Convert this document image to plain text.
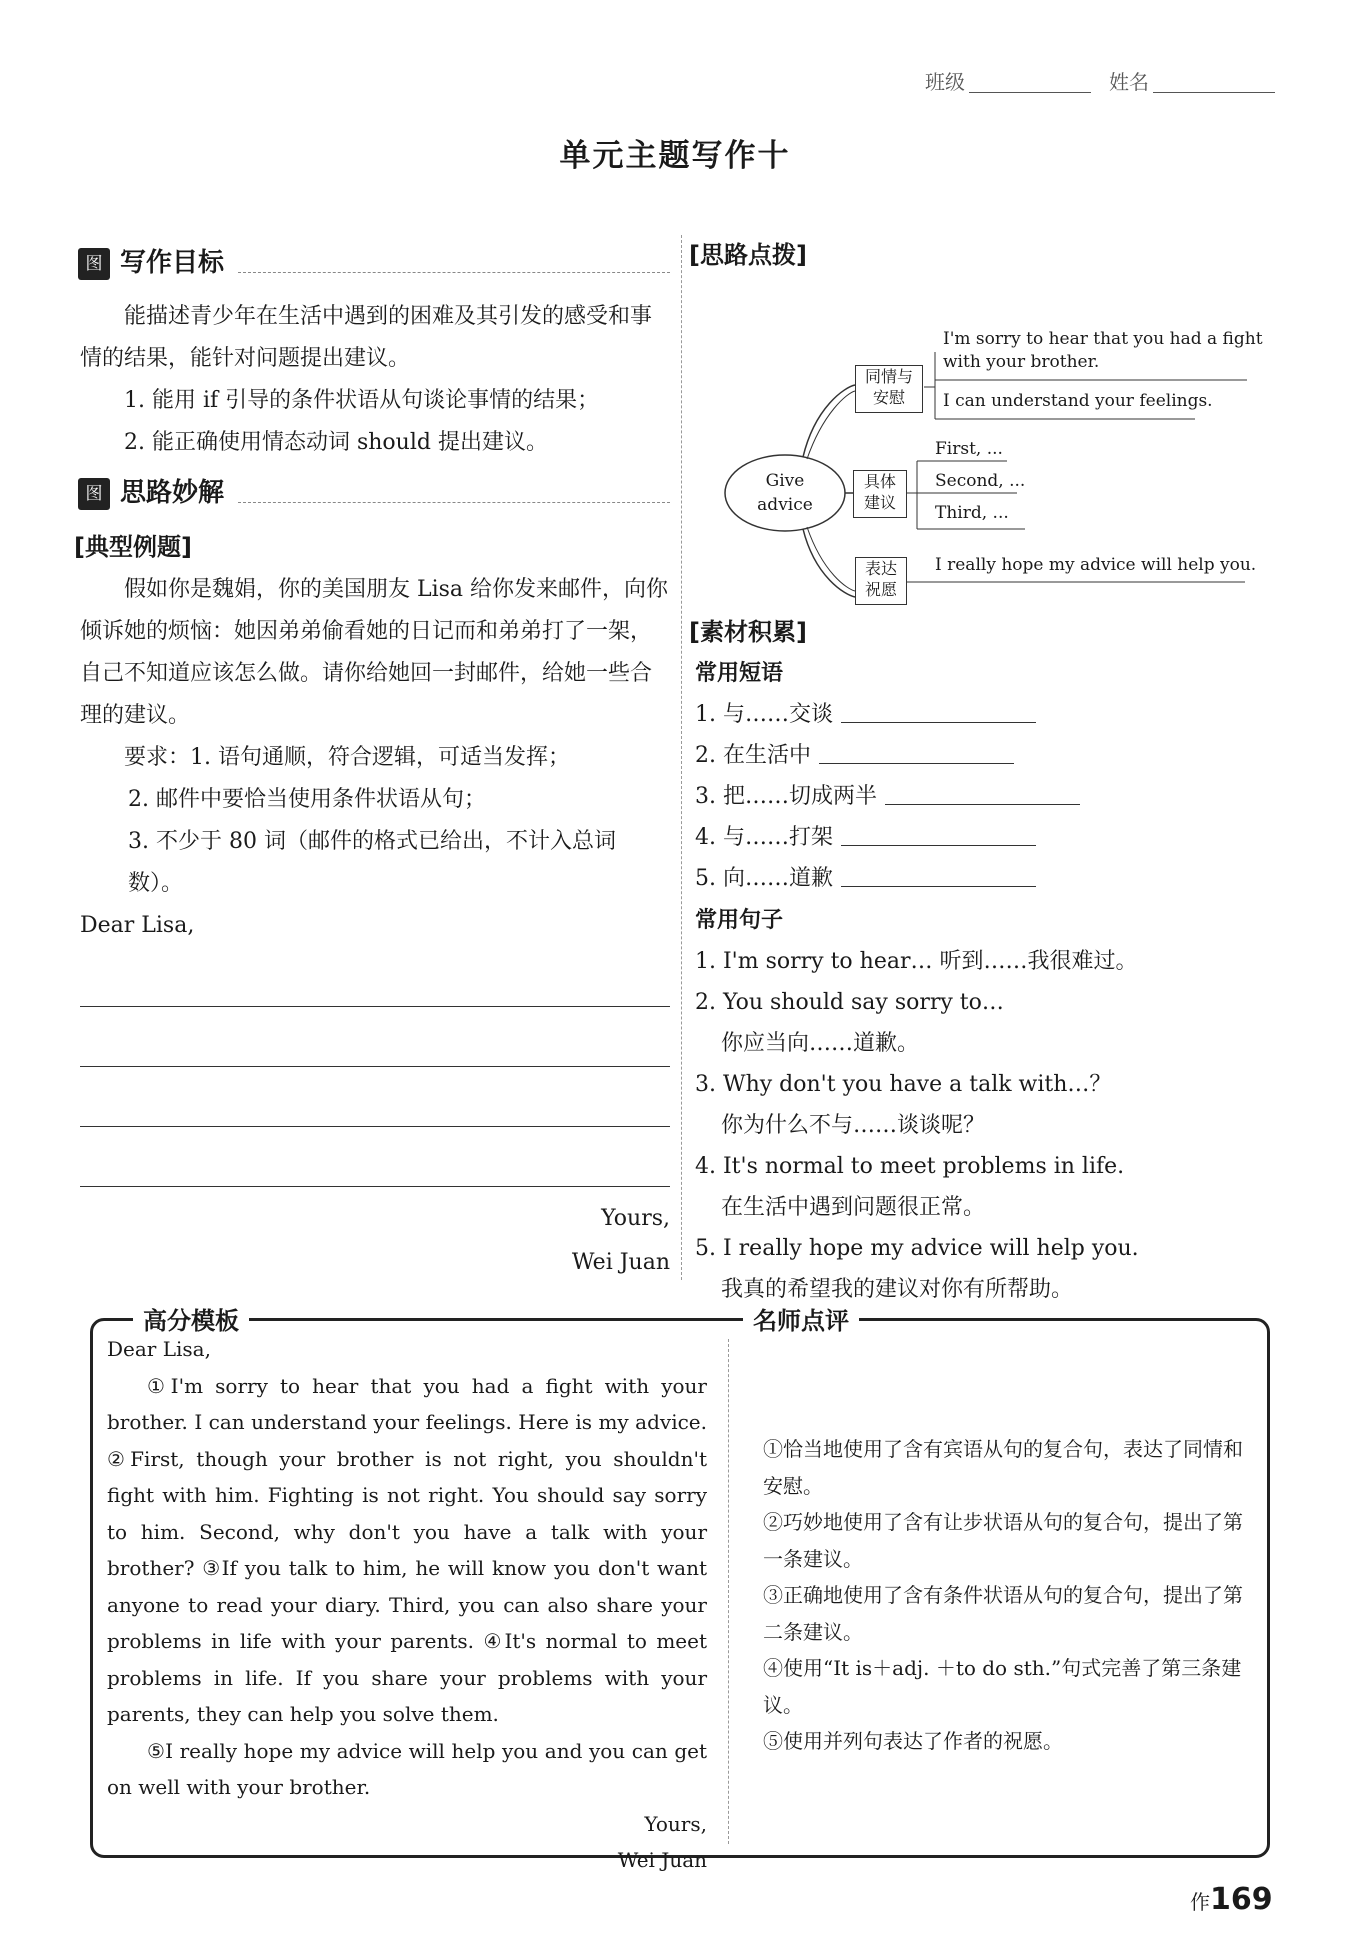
班级	姓名
单元主题写作十
图 写作目标
能描述青少年在生活中遇到的困难及其引发的感受和事情的结果，能针对问题提出建议。
1. 能用 if 引导的条件状语从句谈论事情的结果；
2. 能正确使用情态动词 should 提出建议。
图 思路妙解
[典型例题]
假如你是魏娟，你的美国朋友 Lisa 给你发来邮件，向你倾诉她的烦恼：她因弟弟偷看她的日记而和弟弟打了一架，自己不知道应该怎么做。请你给她回一封邮件，给她一些合理的建议。
要求：1. 语句通顺，符合逻辑，可适当发挥；
2. 邮件中要恰当使用条件状语从句；
3. 不少于 80 词（邮件的格式已给出，不计入总词数）。
Dear Lisa,
Yours,
Wei Juan
[思路点拨]
Give
advice
同情与
安慰
I'm sorry to hear that you had a fight
with your brother.
I can understand your feelings.
具体
建议
First, ...
Second, ...
Third, ...
表达
祝愿
I really hope my advice will help you.
[素材积累]
常用短语
1. 与……交谈
2. 在生活中
3. 把……切成两半
4. 与……打架
5. 向……道歉
常用句子
1. I'm sorry to hear… 听到……我很难过。
2. You should say sorry to…
你应当向……道歉。
3. Why don't you have a talk with…？
你为什么不与……谈谈呢？
4. It's normal to meet problems in life.
在生活中遇到问题很正常。
5. I really hope my advice will help you.
我真的希望我的建议对你有所帮助。
高分模板	名师点评
Dear Lisa,
①I'm sorry to hear that you had a fight with your brother. I can understand your feelings. Here is my advice. ②First, though your brother is not right, you shouldn't fight with him. Fighting is not right. You should say sorry to him. Second, why don't you have a talk with your brother? ③If you talk to him, he will know you don't want anyone to read your diary. Third, you can also share your problems in life with your parents. ④It's normal to meet problems in life. If you share your problems with your parents, they can help you solve them.
⑤I really hope my advice will help you and you can get on well with your brother.
Yours,
Wei Juan
①恰当地使用了含有宾语从句的复合句，表达了同情和安慰。
②巧妙地使用了含有让步状语从句的复合句，提出了第一条建议。
③正确地使用了含有条件状语从句的复合句，提出了第二条建议。
④使用“It is＋adj. ＋to do sth.”句式完善了第三条建议。
⑤使用并列句表达了作者的祝愿。
作169
